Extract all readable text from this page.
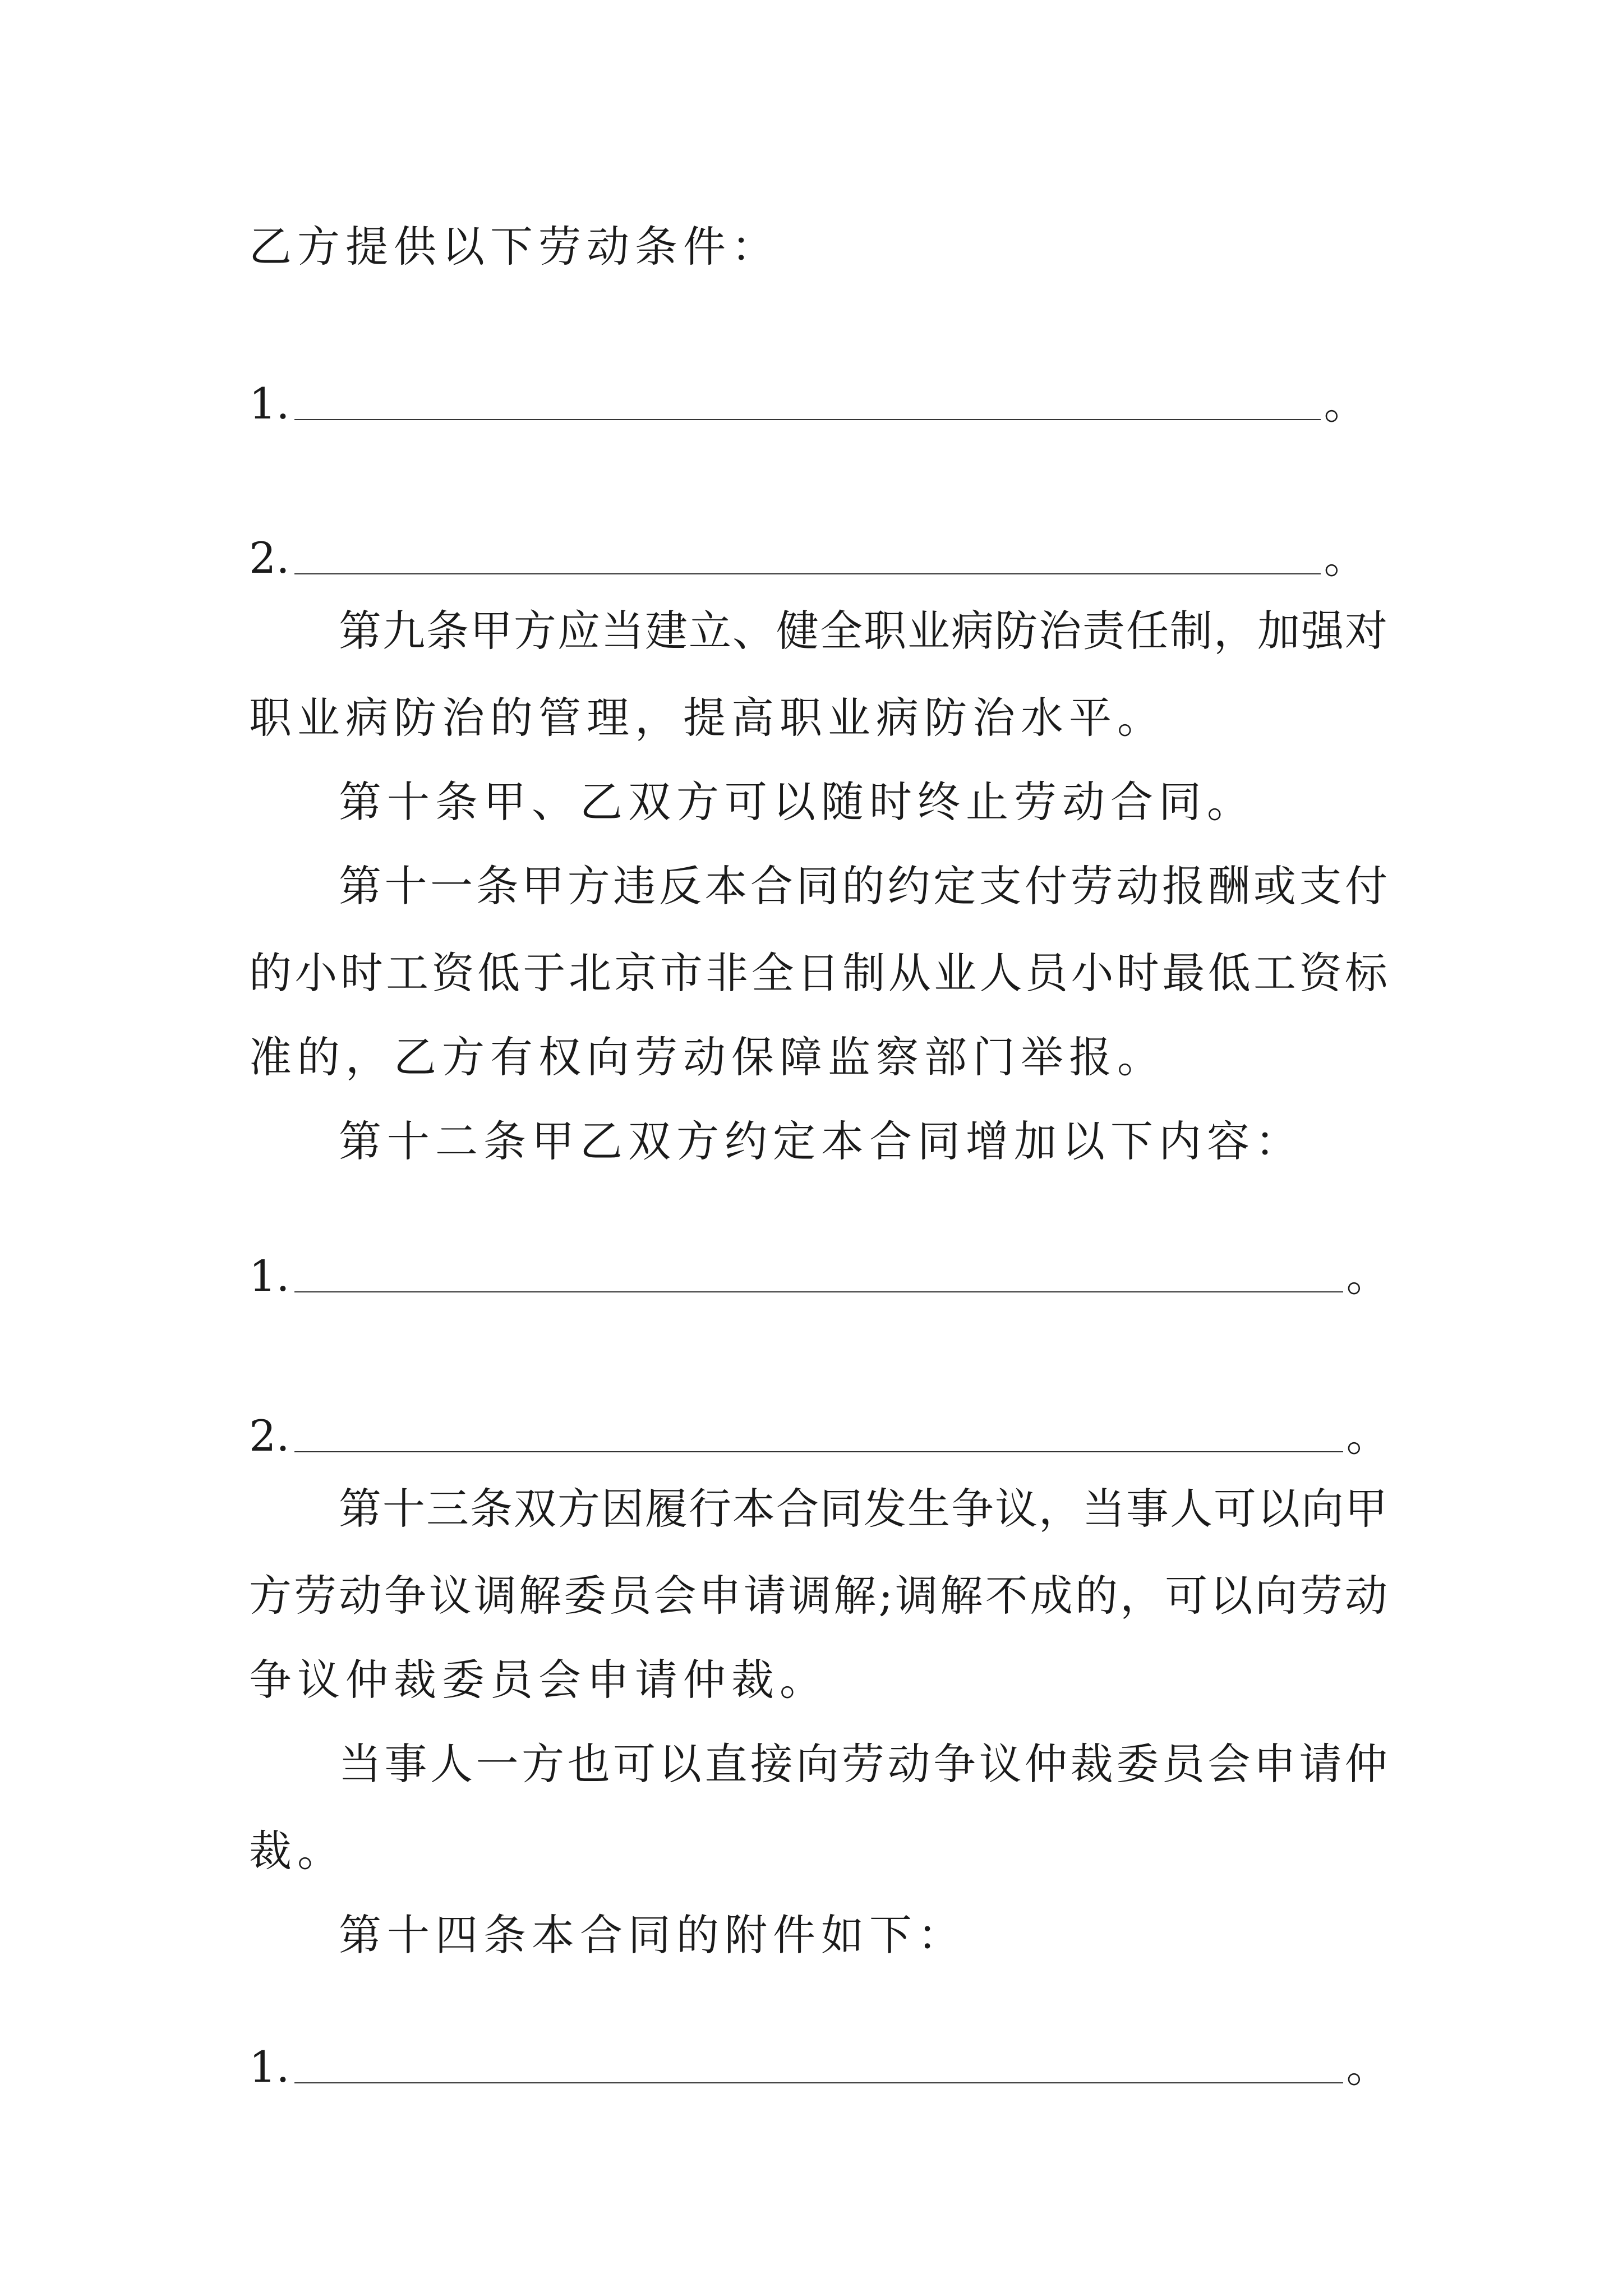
乙方提供以下劳动条件：
1.	。
2.	。
第九条甲方应当建立、健全职业病防治责任制，加强对
职业病防治的管理，提高职业病防治水平。
第十条甲、乙双方可以随时终止劳动合同。
第十一条甲方违反本合同的约定支付劳动报酬或支付
的小时工资低于北京市非全日制从业人员小时最低工资标
准的，乙方有权向劳动保障监察部门举报。
第十二条甲乙双方约定本合同增加以下内容：
1.	。
2.	。
第十三条双方因履行本合同发生争议，当事人可以向甲
方劳动争议调解委员会申请调解;调解不成的，可以向劳动
争议仲裁委员会申请仲裁。
当事人一方也可以直接向劳动争议仲裁委员会申请仲
裁。
第十四条本合同的附件如下：
1.	。
